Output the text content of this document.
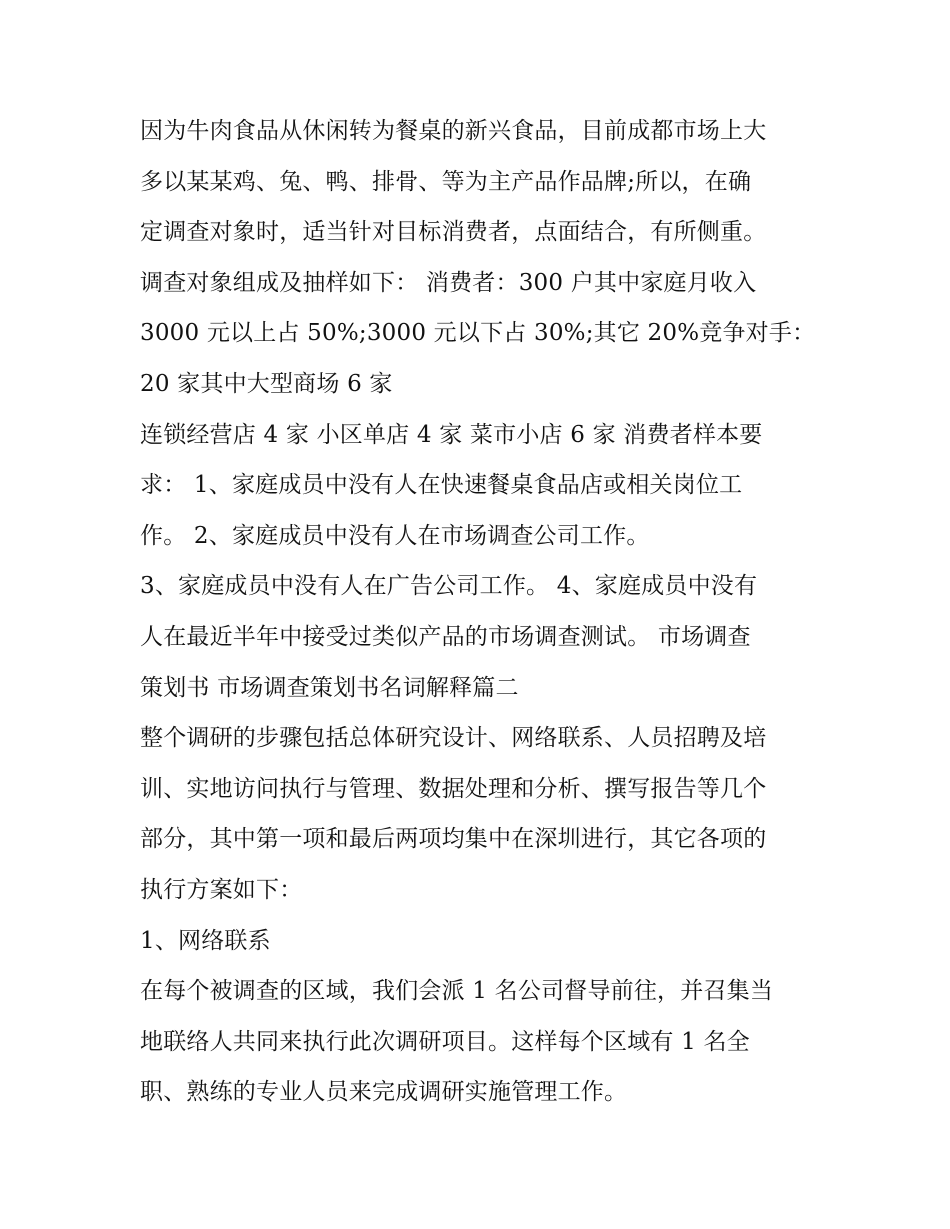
因为牛肉食品从休闲转为餐桌的新兴食品，目前成都市场上大
多以某某鸡、兔、鸭、排骨、等为主产品作品牌;所以，在确
定调查对象时，适当针对目标消费者，点面结合，有所侧重。
调查对象组成及抽样如下： 消费者：300 户其中家庭月收入
3000 元以上占 50%;3000 元以下占 30%;其它 20%竞争对手：
20 家其中大型商场 6 家
连锁经营店 4 家 小区单店 4 家 菜市小店 6 家 消费者样本要
求： 1、家庭成员中没有人在快速餐桌食品店或相关岗位工
作。 2、家庭成员中没有人在市场调查公司工作。
3、家庭成员中没有人在广告公司工作。 4、家庭成员中没有
人在最近半年中接受过类似产品的市场调查测试。 市场调查
策划书 市场调查策划书名词解释篇二
整个调研的步骤包括总体研究设计、网络联系、人员招聘及培
训、实地访问执行与管理、数据处理和分析、撰写报告等几个
部分，其中第一项和最后两项均集中在深圳进行，其它各项的
执行方案如下：
1、网络联系
在每个被调查的区域，我们会派 1 名公司督导前往，并召集当
地联络人共同来执行此次调研项目。这样每个区域有 1 名全
职、熟练的专业人员来完成调研实施管理工作。
